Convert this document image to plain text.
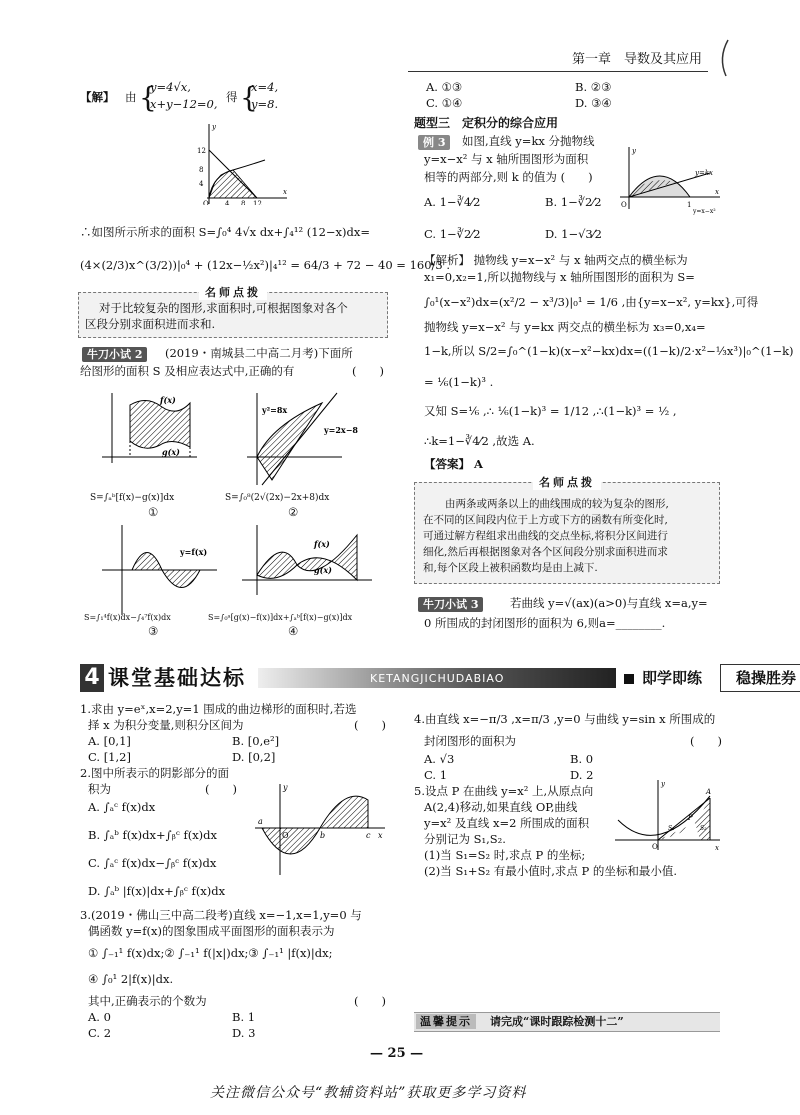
第一章　导数及其应用
【解】 由 {
y=4√x,
x+y−12=0, 得 {
x=4,
y=8.
12
8
4
4 8 12
O
x
y
∴如图所示所求的面积 S=∫₀⁴ 4√x dx+∫₄¹² (12−x)dx=
(4×(2/3)x^(3/2))|₀⁴ + (12x−½x²)|₄¹² = 64/3 + 72 − 40 = 160/3 .
名师点拨
对于比较复杂的图形,求面积时,可根据图象对各个
区段分别求面积进而求和.
牛刀小试 2	(2019・南城县二中高二月考)下面所
给图形的面积 S 及相应表达式中,正确的有	(　　)
f(x)
g(x)
y²=8x
y=2x−8
y=f(x)
f(x)
g(x)
S=∫ₐᵇ[f(x)−g(x)]dx
①
S=∫₀⁸(2√(2x)−2x+8)dx
②
S=∫₁⁴f(x)dx−∫₄⁷f(x)dx
③
S=∫₀ᵃ[g(x)−f(x)]dx+∫ₐᵇ[f(x)−g(x)]dx
④
A. ①③	B. ②③
C. ①④	D. ③④
题型三　定积分的综合应用
例 3	如图,直线 y=kx 分抛物线
y=x−x² 与 x 轴所围图形为面积
相等的两部分,则 k 的值为 (　　)
A. 1−∛4⁄2	B. 1−∛2⁄2
C. 1−∛2⁄2	D. 1−√3⁄2
y
y=kx
O	1
x
y=x−x²
【解析】 抛物线 y=x−x² 与 x 轴两交点的横坐标为
x₁=0,x₂=1,所以抛物线与 x 轴所围图形的面积为 S=
∫₀¹(x−x²)dx=(x²/2 − x³/3)|₀¹ = 1/6 ,由{y=x−x², y=kx},可得
抛物线 y=x−x² 与 y=kx 两交点的横坐标为 x₃=0,x₄=
1−k,所以 S/2=∫₀^(1−k)(x−x²−kx)dx=((1−k)/2·x²−⅓x³)|₀^(1−k)
= ⅙(1−k)³ .
又知 S=⅙ ,∴ ⅙(1−k)³ = 1/12 ,∴(1−k)³ = ½ ,
∴k=1−∛4⁄2 ,故选 A.
【答案】 A
名师点拨
由两条或两条以上的曲线围成的较为复杂的图形,
在不同的区间段内位于上方或下方的函数有所变化时,
可通过解方程组求出曲线的交点坐标,将积分区间进行
细化,然后再根据图象对各个区间段分别求面积进而求
和,每个区段上被积函数均是由上减下.
牛刀小试 3	若曲线 y=√(ax)(a>0)与直线 x=a,y=
0 所围成的封闭图形的面积为 6,则a=________.
4 课堂基础达标	KETANGJICHUDABIAO	即学即练	稳操胜券
1.求由 y=eˣ,x=2,y=1 围成的曲边梯形的面积时,若选
择 x 为积分变量,则积分区间为	(　　)
A. [0,1]	B. [0,e²]
C. [1,2]	D. [0,2]
2.图中所表示的阴影部分的面
积为	(　　)
A. ∫ₐᶜ f(x)dx
B. ∫ₐᵇ f(x)dx+∫ᵦᶜ f(x)dx
C. ∫ₐᶜ f(x)dx−∫ᵦᶜ f(x)dx
D. ∫ₐᵇ |f(x)|dx+∫ᵦᶜ f(x)dx
y
a
b	c x
O
3.(2019・佛山三中高二段考)直线 x=−1,x=1,y=0 与
偶函数 y=f(x)的图象围成平面图形的面积表示为
① ∫₋₁¹ f(x)dx;② ∫₋₁¹ f(|x|)dx;③ ∫₋₁¹ |f(x)|dx;
④ ∫₀¹ 2|f(x)|dx.
其中,正确表示的个数为	(　　)
A. 0	B. 1
C. 2	D. 3
4.由直线 x=−π/3 ,x=π/3 ,y=0 与曲线 y=sin x 所围成的
封闭图形的面积为	(　　)
A. √3	B. 0
C. 1	D. 2
5.设点 P 在曲线 y=x² 上,从原点向
A(2,4)移动,如果直线 OP,曲线
y=x² 及直线 x=2 所围成的面积
分别记为 S₁,S₂.
(1)当 S₁=S₂ 时,求点 P 的坐标;
(2)当 S₁+S₂ 有最小值时,求点 P 的坐标和最小值.
y
A
P
S₂
S₁
O	x
温馨提示	请完成“课时跟踪检测十二”
— 25 —
关注微信公众号“教辅资料站”获取更多学习资料
